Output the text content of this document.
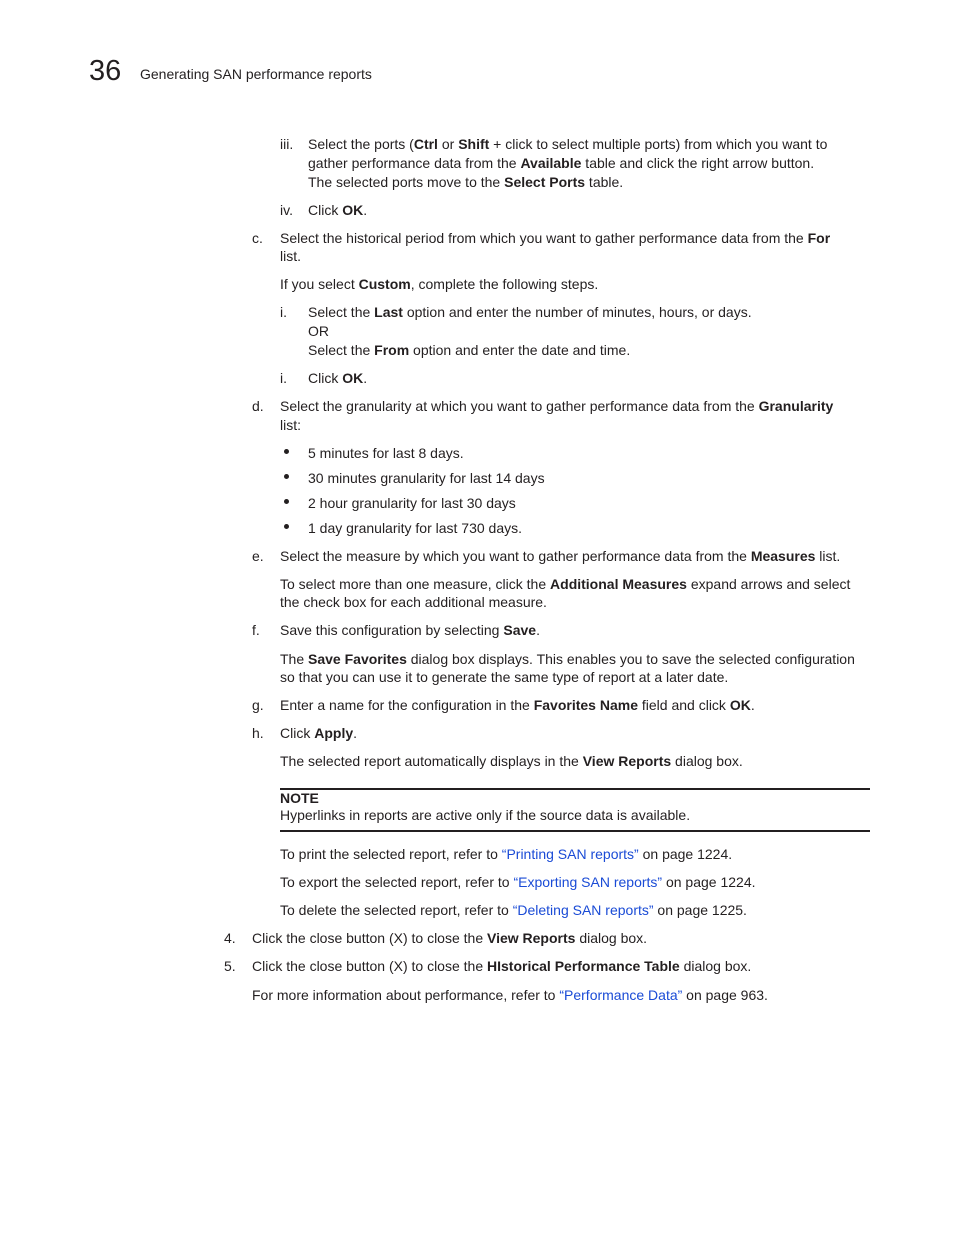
36 Generating SAN performance reports
iii. Select the ports (Ctrl or Shift + click to select multiple ports) from which you want to
gather performance data from the Available table and click the right arrow button.
The selected ports move to the Select Ports table.
iv. Click OK.
c. Select the historical period from which you want to gather performance data from the For
list.
If you select Custom, complete the following steps.
i. Select the Last option and enter the number of minutes, hours, or days.
OR
Select the From option and enter the date and time.
i. Click OK.
d. Select the granularity at which you want to gather performance data from the Granularity
list:
5 minutes for last 8 days.
30 minutes granularity for last 14 days
2 hour granularity for last 30 days
1 day granularity for last 730 days.
e. Select the measure by which you want to gather performance data from the Measures list.
To select more than one measure, click the Additional Measures expand arrows and select
the check box for each additional measure.
f. Save this configuration by selecting Save.
The Save Favorites dialog box displays. This enables you to save the selected configuration
so that you can use it to generate the same type of report at a later date.
g. Enter a name for the configuration in the Favorites Name field and click OK.
h. Click Apply.
The selected report automatically displays in the View Reports dialog box.
NOTE
Hyperlinks in reports are active only if the source data is available.
To print the selected report, refer to “Printing SAN reports” on page 1224.
To export the selected report, refer to “Exporting SAN reports” on page 1224.
To delete the selected report, refer to “Deleting SAN reports” on page 1225.
4. Click the close button (X) to close the View Reports dialog box.
5. Click the close button (X) to close the HIstorical Performance Table dialog box.
For more information about performance, refer to “Performance Data” on page 963.
